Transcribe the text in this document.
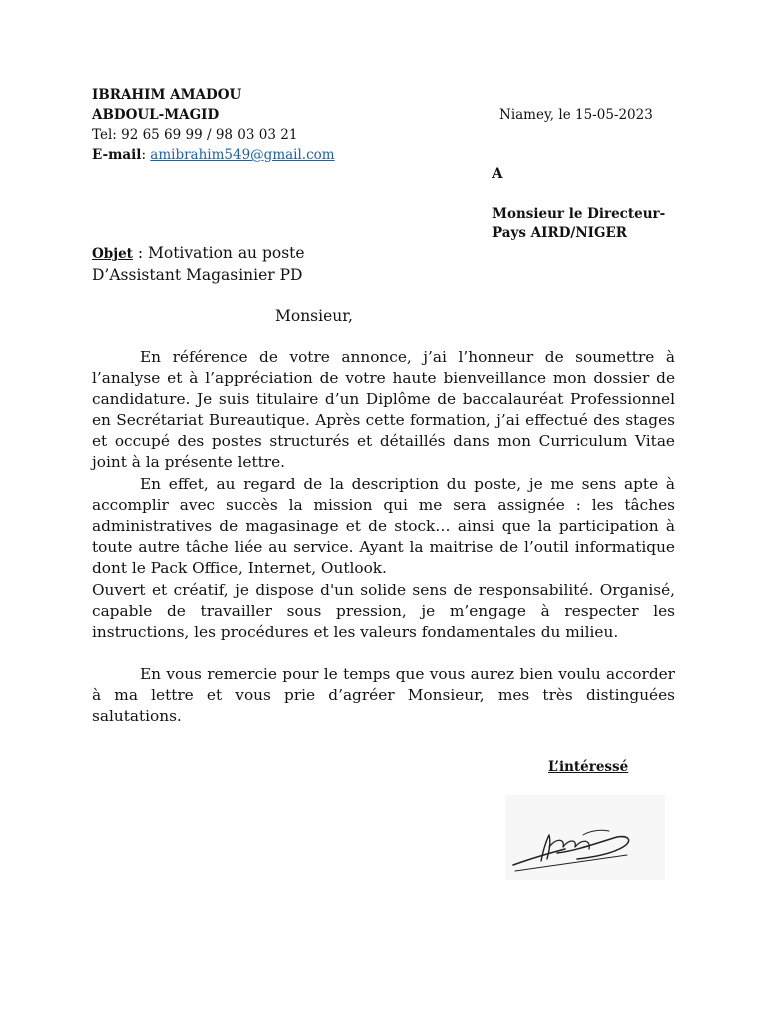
IBRAHIM AMADOU
ABDOUL-MAGID
Tel: 92 65 69 99 / 98 03 03 21
E-mail: amibrahim549@gmail.com
Niamey, le 15-05-2023
A
Monsieur le Directeur-
Pays AIRD/NIGER
Objet : Motivation au poste
D’Assistant Magasinier PD
Monsieur,

En référence de votre annonce, j’ai l’honneur de soumettre à l’analyse et à l’appréciation de votre haute bienveillance mon dossier de candidature. Je suis titulaire d’un Diplôme de baccalauréat Professionnel en Secrétariat Bureautique. Après cette formation, j’ai effectué des stages et occupé des postes structurés et détaillés dans mon Curriculum Vitae joint à la présente lettre.

En effet, au regard de la description du poste, je me sens apte à accomplir avec succès la mission qui me sera assignée : les tâches administratives de magasinage et de stock… ainsi que la participation à toute autre tâche liée au service. Ayant la maitrise de l’outil informatique dont le Pack Office, Internet, Outlook.

Ouvert et créatif, je dispose d'un solide sens de responsabilité. Organisé, capable de travailler sous pression, je m’engage à respecter les instructions, les procédures et les valeurs fondamentales du milieu.

En vous remercie pour le temps que vous aurez bien voulu accorder à ma lettre et vous prie d’agréer Monsieur, mes très distinguées salutations.

L’intéressé
